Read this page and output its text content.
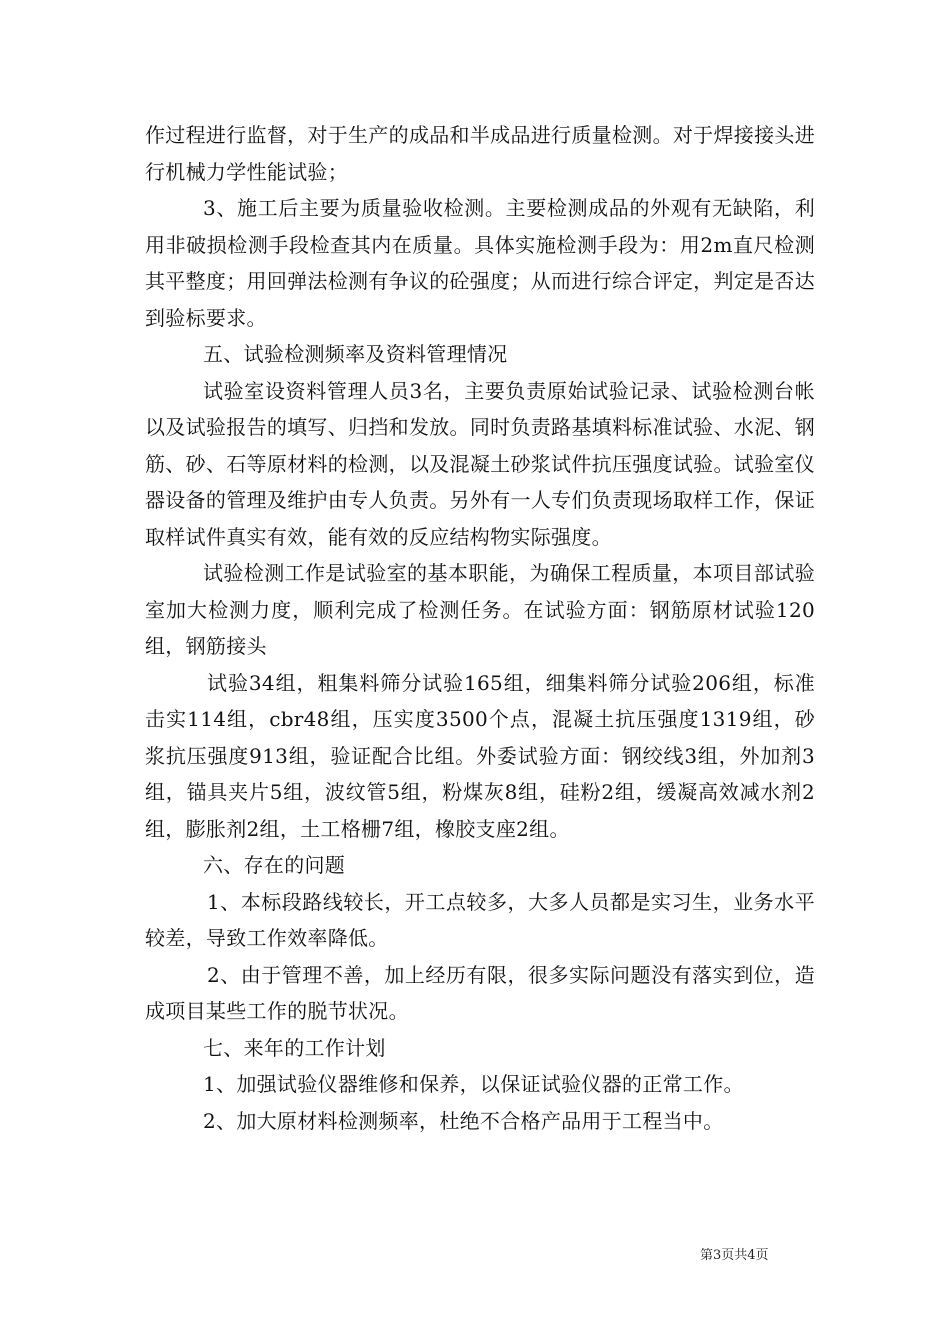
作过程进行监督，对于生产的成品和半成品进行质量检测。对于焊接接头进行机械力学性能试验；

3、施工后主要为质量验收检测。主要检测成品的外观有无缺陷，利用非破损检测手段检查其内在质量。具体实施检测手段为：用2m直尺检测其平整度；用回弹法检测有争议的砼强度；从而进行综合评定，判定是否达到验标要求。

五、试验检测频率及资料管理情况

试验室设资料管理人员3名，主要负责原始试验记录、试验检测台帐以及试验报告的填写、归挡和发放。同时负责路基填料标准试验、水泥、钢筋、砂、石等原材料的检测，以及混凝土砂浆试件抗压强度试验。试验室仪器设备的管理及维护由专人负责。另外有一人专们负责现场取样工作，保证取样试件真实有效，能有效的反应结构物实际强度。

试验检测工作是试验室的基本职能，为确保工程质量，本项目部试验室加大检测力度，顺利完成了检测任务。在试验方面：钢筋原材试验120组，钢筋接头

试验34组，粗集料筛分试验165组，细集料筛分试验206组，标准击实114组，cbr48组，压实度3500个点，混凝土抗压强度1319组，砂浆抗压强度913组，验证配合比组。外委试验方面：钢绞线3组，外加剂3组，锚具夹片5组，波纹管5组，粉煤灰8组，硅粉2组，缓凝高效减水剂2组，膨胀剂2组，土工格栅7组，橡胶支座2组。

六、存在的问题

1、本标段路线较长，开工点较多，大多人员都是实习生，业务水平较差，导致工作效率降低。

2、由于管理不善，加上经历有限，很多实际问题没有落实到位，造成项目某些工作的脱节状况。

七、来年的工作计划

1、加强试验仪器维修和保养，以保证试验仪器的正常工作。

2、加大原材料检测频率，杜绝不合格产品用于工程当中。

第3页共4页
